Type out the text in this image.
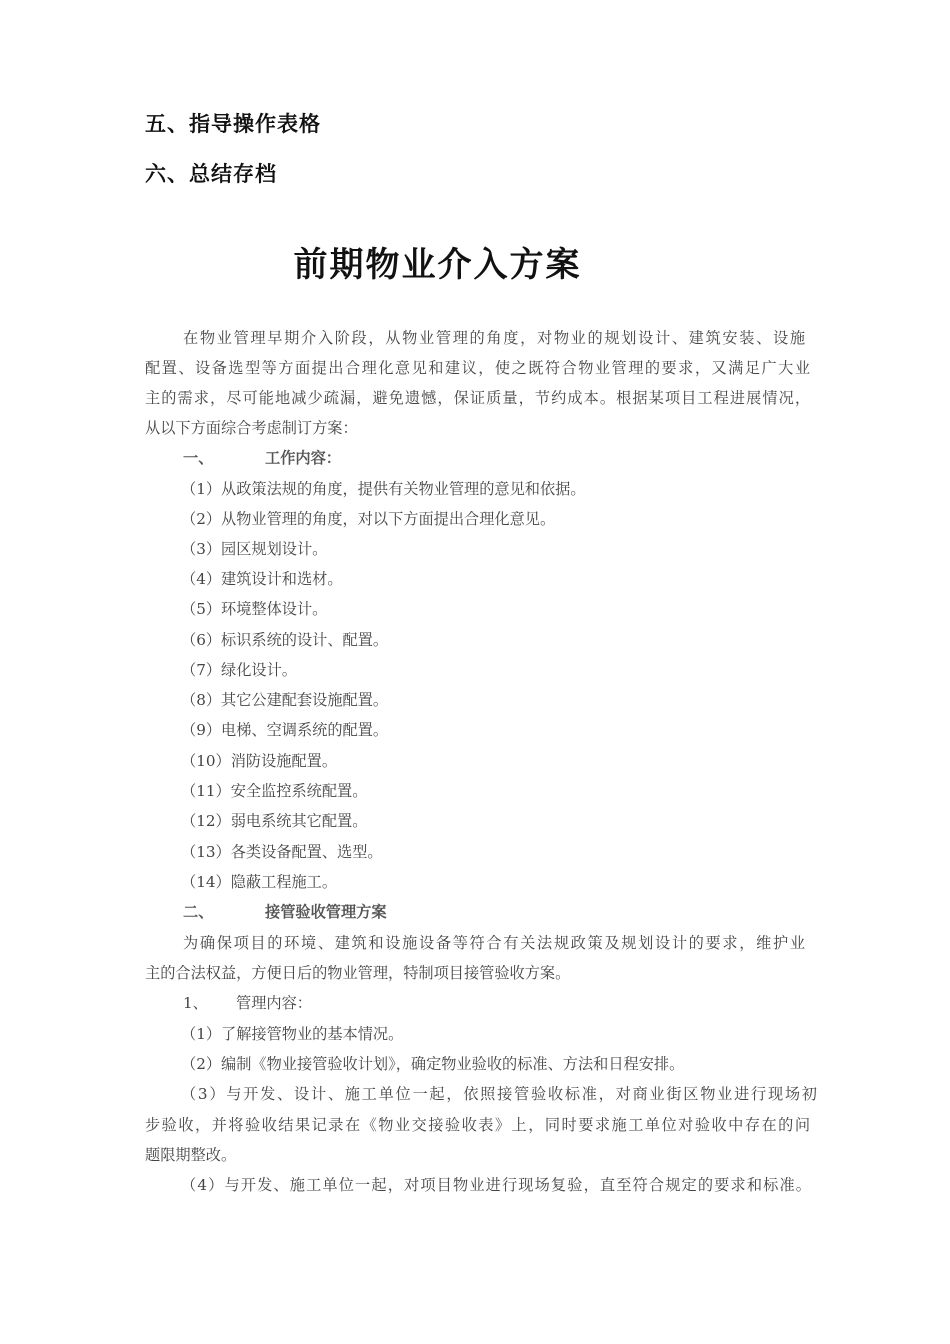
五、指导操作表格
六、总结存档
前期物业介入方案
在物业管理早期介入阶段，从物业管理的角度，对物业的规划设计、建筑安装、设施
配置、设备选型等方面提出合理化意见和建议，使之既符合物业管理的要求，又满足广大业
主的需求，尽可能地减少疏漏，避免遗憾，保证质量，节约成本。根据某项目工程进展情况，
从以下方面综合考虑制订方案：
一、	工作内容：
（1）从政策法规的角度，提供有关物业管理的意见和依据。
（2）从物业管理的角度，对以下方面提出合理化意见。
（3）园区规划设计。
（4）建筑设计和选材。
（5）环境整体设计。
（6）标识系统的设计、配置。
（7）绿化设计。
（8）其它公建配套设施配置。
（9）电梯、空调系统的配置。
（10）消防设施配置。
（11）安全监控系统配置。
（12）弱电系统其它配置。
（13）各类设备配置、选型。
（14）隐蔽工程施工。
二、	接管验收管理方案
为确保项目的环境、建筑和设施设备等符合有关法规政策及规划设计的要求，维护业
主的合法权益，方便日后的物业管理，特制项目接管验收方案。
1、 管理内容：
（1）了解接管物业的基本情况。
（2）编制《物业接管验收计划》，确定物业验收的标准、方法和日程安排。
（3）与开发、设计、施工单位一起，依照接管验收标准，对商业街区物业进行现场初
步验收，并将验收结果记录在《物业交接验收表》上，同时要求施工单位对验收中存在的问
题限期整改。
（4）与开发、施工单位一起，对项目物业进行现场复验，直至符合规定的要求和标准。
